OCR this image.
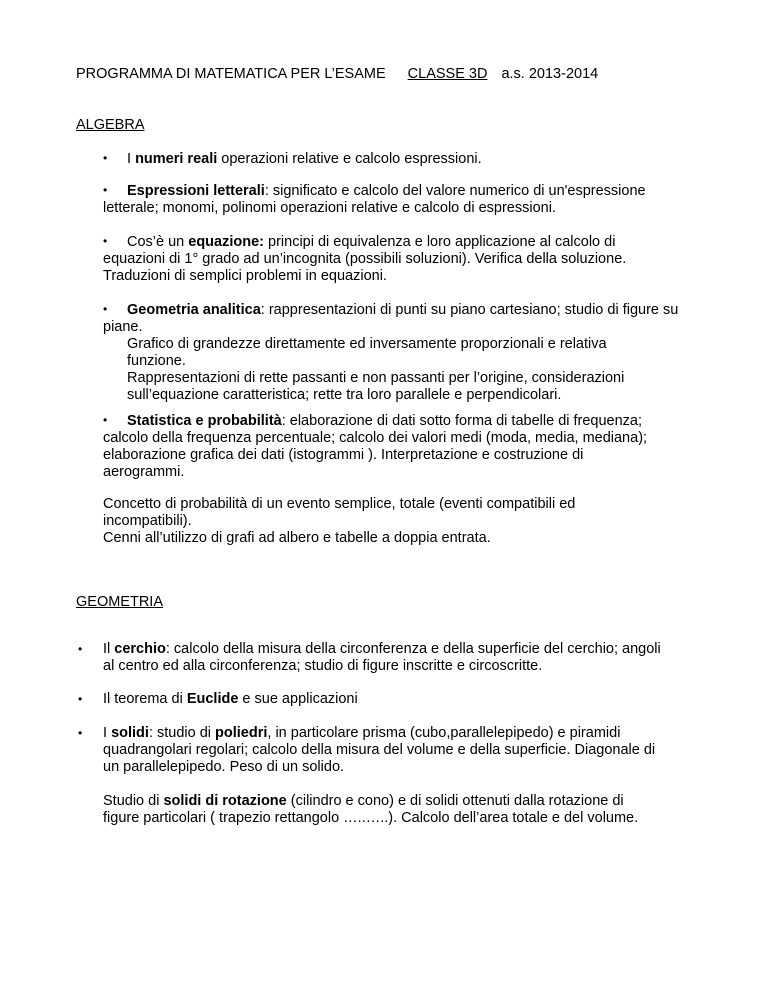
PROGRAMMA DI MATEMATICA PER L’ESAME CLASSE 3D a.s. 2013-2014
ALGEBRA

• I numeri reali operazioni relative e calcolo espressioni.

• Espressioni letterali: significato e calcolo del valore numerico di un'espressione

letterale; monomi, polinomi operazioni relative e calcolo di espressioni.

• Cos’è un equazione: principi di equivalenza e loro applicazione al calcolo di

equazioni di 1° grado ad un’incognita (possibili soluzioni). Verifica della soluzione.

Traduzioni di semplici problemi in equazioni.

• Geometria analitica: rappresentazioni di punti su piano cartesiano; studio di figure su

piane.

Grafico di grandezze direttamente ed inversamente proporzionali e relativa

funzione.

Rappresentazioni di rette passanti e non passanti per l’origine, considerazioni

sull’equazione caratteristica; rette tra loro parallele e perpendicolari.

• Statistica e probabilità: elaborazione di dati sotto forma di tabelle di frequenza;

calcolo della frequenza percentuale; calcolo dei valori medi (moda, media, mediana);

elaborazione grafica dei dati (istogrammi ). Interpretazione e costruzione di

aerogrammi.

Concetto di probabilità di un evento semplice, totale (eventi compatibili ed

incompatibili).

Cenni all’utilizzo di grafi ad albero e tabelle a doppia entrata.

GEOMETRIA

• Il cerchio: calcolo della misura della circonferenza e della superficie del cerchio; angoli

al centro ed alla circonferenza; studio di figure inscritte e circoscritte.

• Il teorema di Euclide e sue applicazioni

• I solidi: studio di poliedri, in particolare prisma (cubo,parallelepipedo) e piramidi

quadrangolari regolari; calcolo della misura del volume e della superficie. Diagonale di

un parallelepipedo. Peso di un solido.

Studio di solidi di rotazione (cilindro e cono) e di solidi ottenuti dalla rotazione di

figure particolari ( trapezio rettangolo …..…..). Calcolo dell’area totale e del volume.
